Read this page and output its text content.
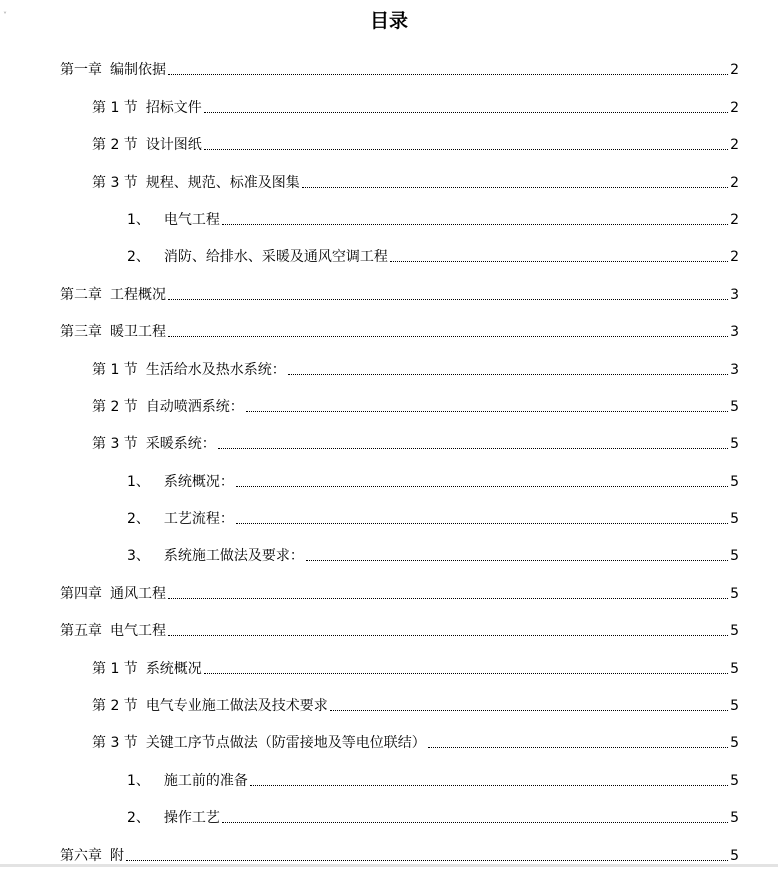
˅	目录
第一章 编制依据	2
第 1 节 招标文件	2
第 2 节 设计图纸	2
第 3 节 规程、规范、标准及图集	2
1、 电气工程	2
2、 消防、给排水、采暖及通风空调工程	2
第二章 工程概况	3
第三章 暖卫工程	3
第 1 节 生活给水及热水系统：	3
第 2 节 自动喷洒系统：	5
第 3 节 采暖系统：	5
1、 系统概况：	5
2、 工艺流程：	5
3、 系统施工做法及要求：	5
第四章 通风工程	5
第五章 电气工程	5
第 1 节 系统概况	5
第 2 节 电气专业施工做法及技术要求	5
第 3 节 关键工序节点做法（防雷接地及等电位联结）	5
1、 施工前的准备	5
2、 操作工艺	5
第六章 附	5
